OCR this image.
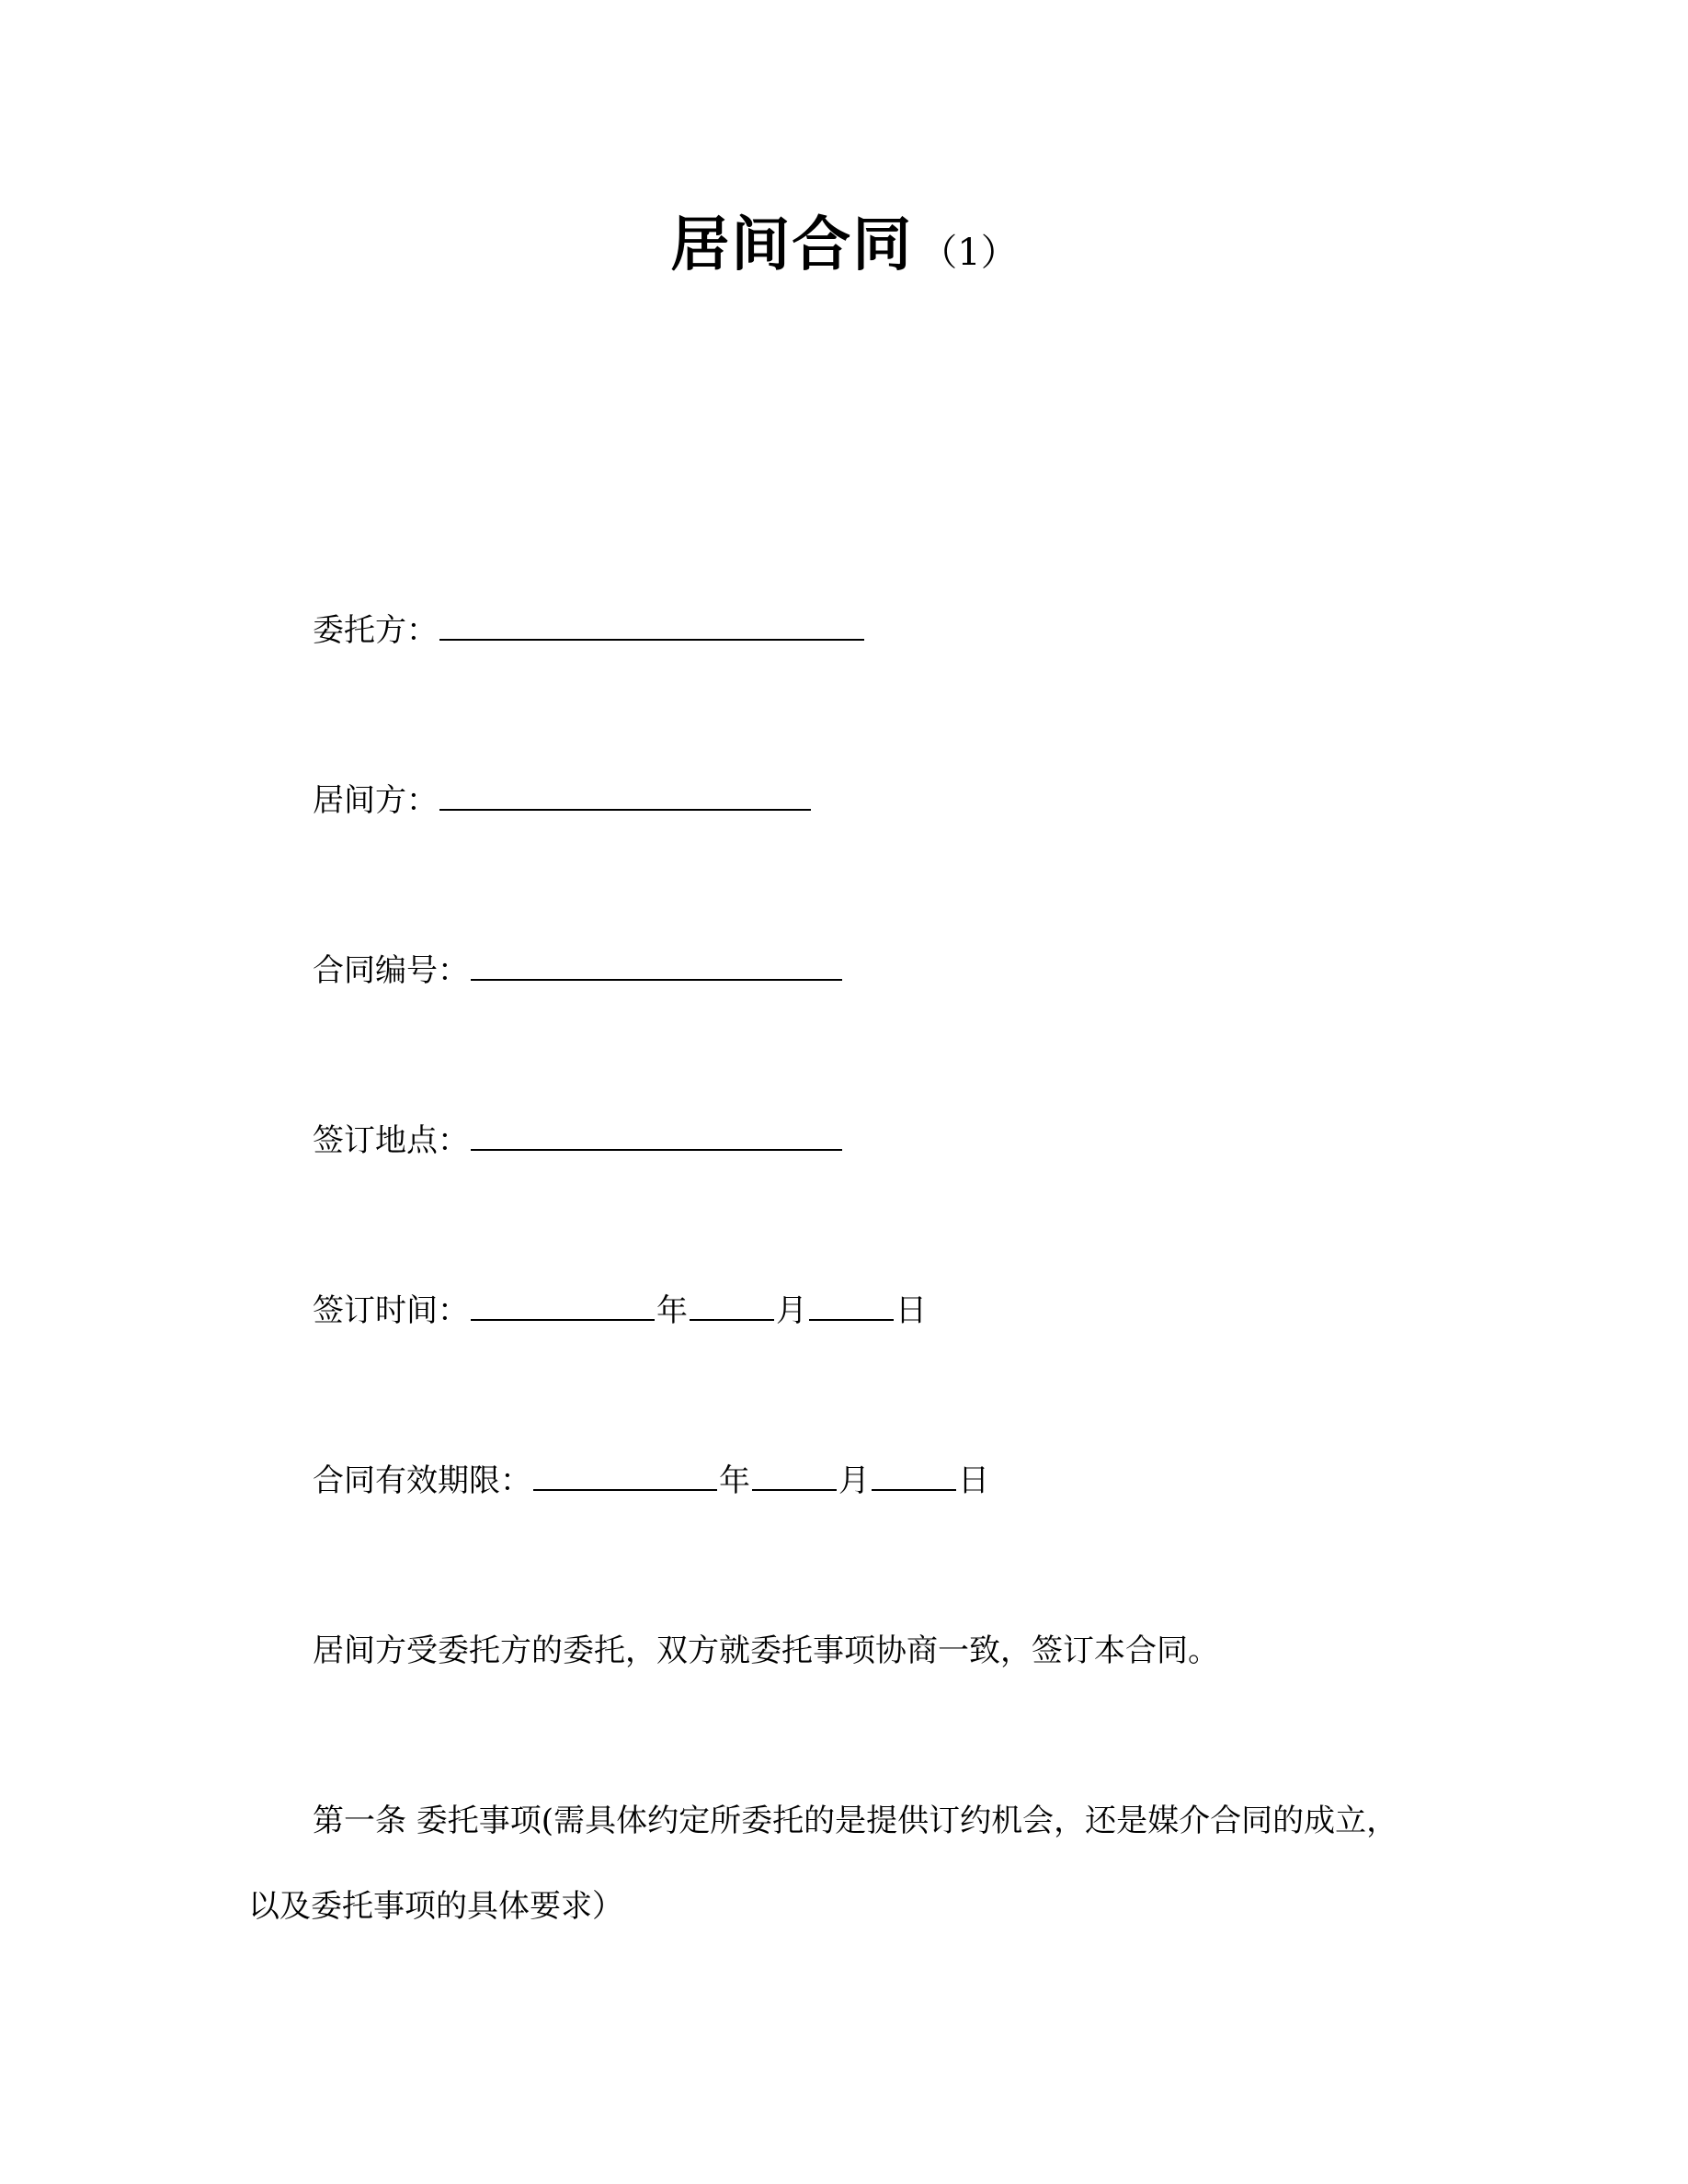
居间合同 （1）
委托方：
居间方：
合同编号：
签订地点：
签订时间：	年	月	日
合同有效期限：	年	月	日
居间方受委托方的委托，双方就委托事项协商一致，签订本合同。
第一条 委托事项(需具体约定所委托的是提供订约机会，还是媒介合同的成立，
以及委托事项的具体要求）
